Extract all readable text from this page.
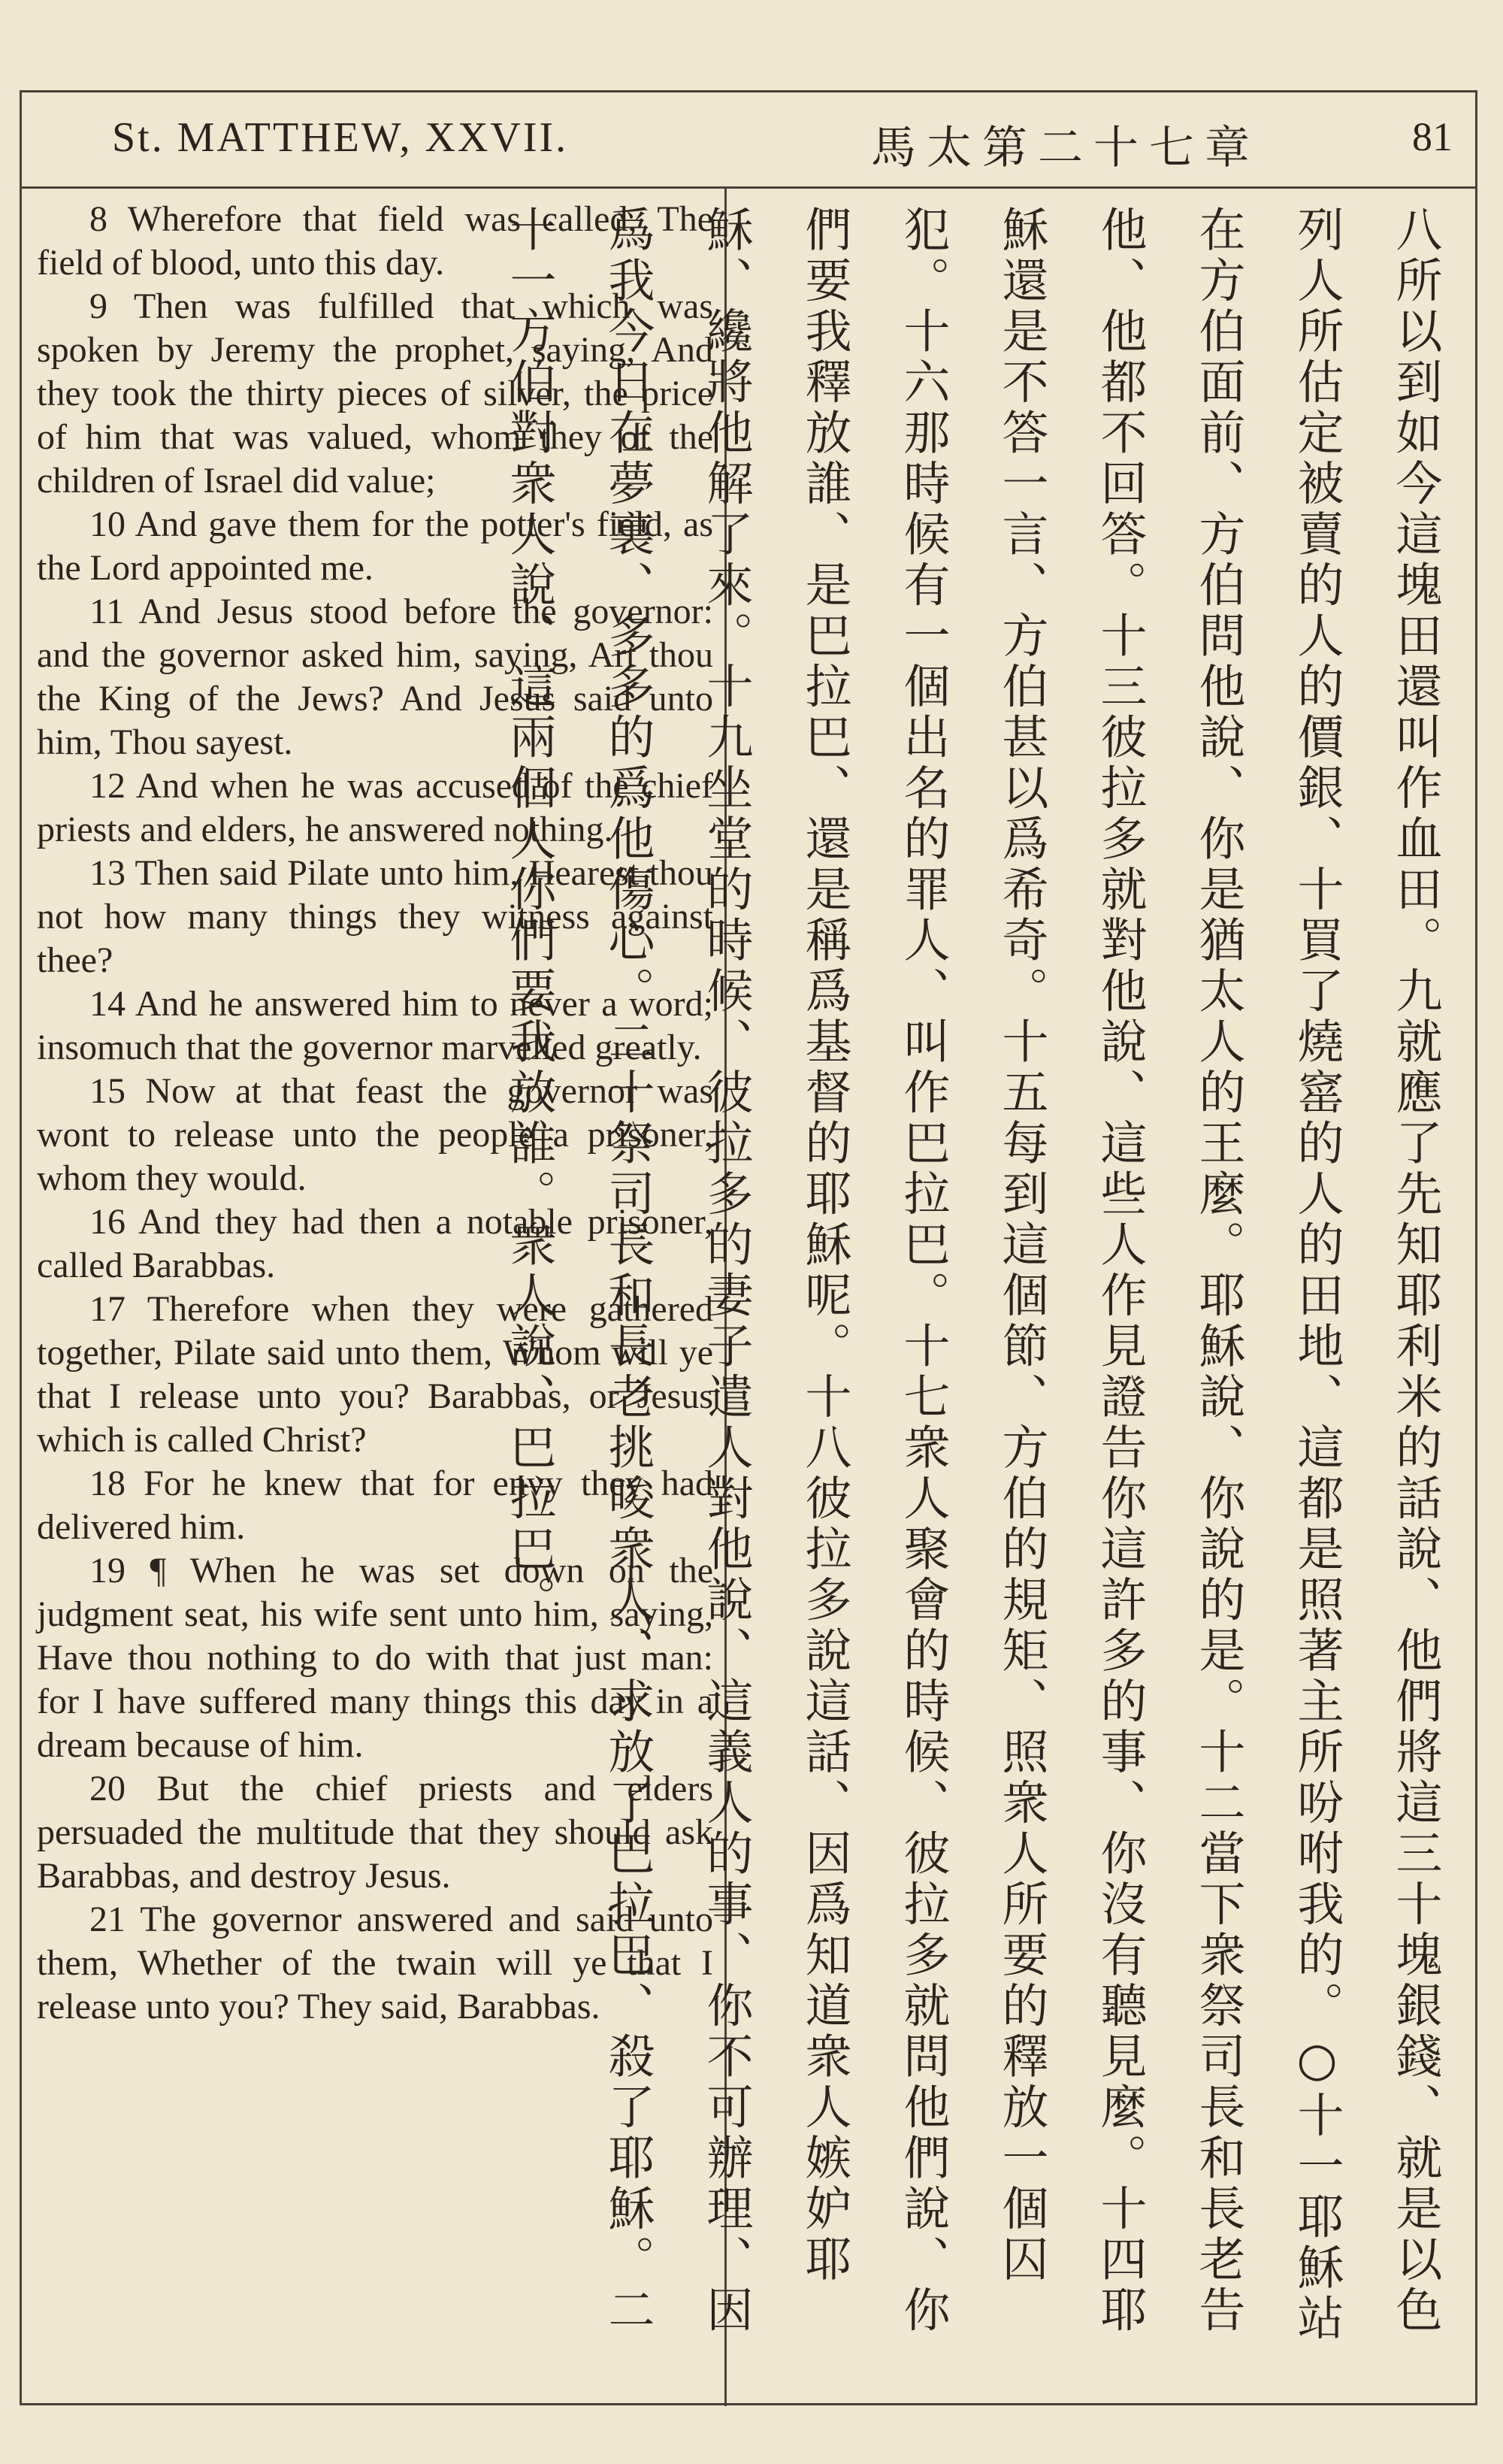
St. MATTHEW, XXVII.	馬太第二十七章	81

8 Wherefore that field was called, The field of blood, unto this day.

9 Then was fulfilled that which was spoken by Jeremy the prophet, saying, And they took the thirty pieces of silver, the price of him that was valued, whom they of the children of Israel did value;

10 And gave them for the potter's field, as the Lord appointed me.

11 And Jesus stood before the governor: and the governor asked him, saying, Art thou the King of the Jews? And Jesus said unto him, Thou sayest.

12 And when he was accused of the chief priests and elders, he answered nothing.

13 Then said Pilate unto him, Hearest thou not how many things they witness against thee?

14 And he answered him to never a word; insomuch that the governor marvelled greatly.

15 Now at that feast the governor was wont to release unto the people a prisoner, whom they would.

16 And they had then a notable prisoner, called Barabbas.

17 Therefore when they were gathered together, Pilate said unto them, Whom will ye that I release unto you? Barabbas, or Jesus which is called Christ?

18 For he knew that for envy they had delivered him.

19 ¶ When he was set down on the judgment seat, his wife sent unto him, saying, Have thou nothing to do with that just man: for I have suffered many things this day in a dream because of him.

20 But the chief priests and elders persuaded the multitude that they should ask Barabbas, and destroy Jesus.

21 The governor answered and said unto them, Whether of the twain will ye that I release unto you? They said, Barabbas.	八所以到如今這塊田還叫作血田。九就應了先知耶利米的話說、他們將這三十塊銀錢、就是以色列人所估定被賣的人的價銀、十買了燒窰的人的田地、這都是照著主所吩咐我的。○十一耶穌站在方伯面前、方伯問他說、你是猶太人的王麼。耶穌說、你說的是。十二當下衆祭司長和長老告他、他都不回答。十三彼拉多就對他說、這些人作見證告你這許多的事、你沒有聽見麼。十四耶穌還是不答一言、方伯甚以爲希奇。十五每到這個節、方伯的規矩、照衆人所要的釋放一個囚犯。十六那時候有一個出名的罪人、叫作巴拉巴。十七衆人聚會的時候、彼拉多就問他們說、你們要我釋放誰、是巴拉巴、還是稱爲基督的耶穌呢。十八彼拉多說這話、因爲知道衆人嫉妒耶穌、纔將他解了來。十九坐堂的時候、彼拉多的妻子遣人對他說、這義人的事、你不可辦理、因爲我今日在夢裏、多多的爲他傷心。二十祭司長和長老挑唆衆人、求放了巴拉巴、殺了耶穌。二十一方伯對衆人說、這兩個人你們要我放誰。衆人說、巴拉巴。
